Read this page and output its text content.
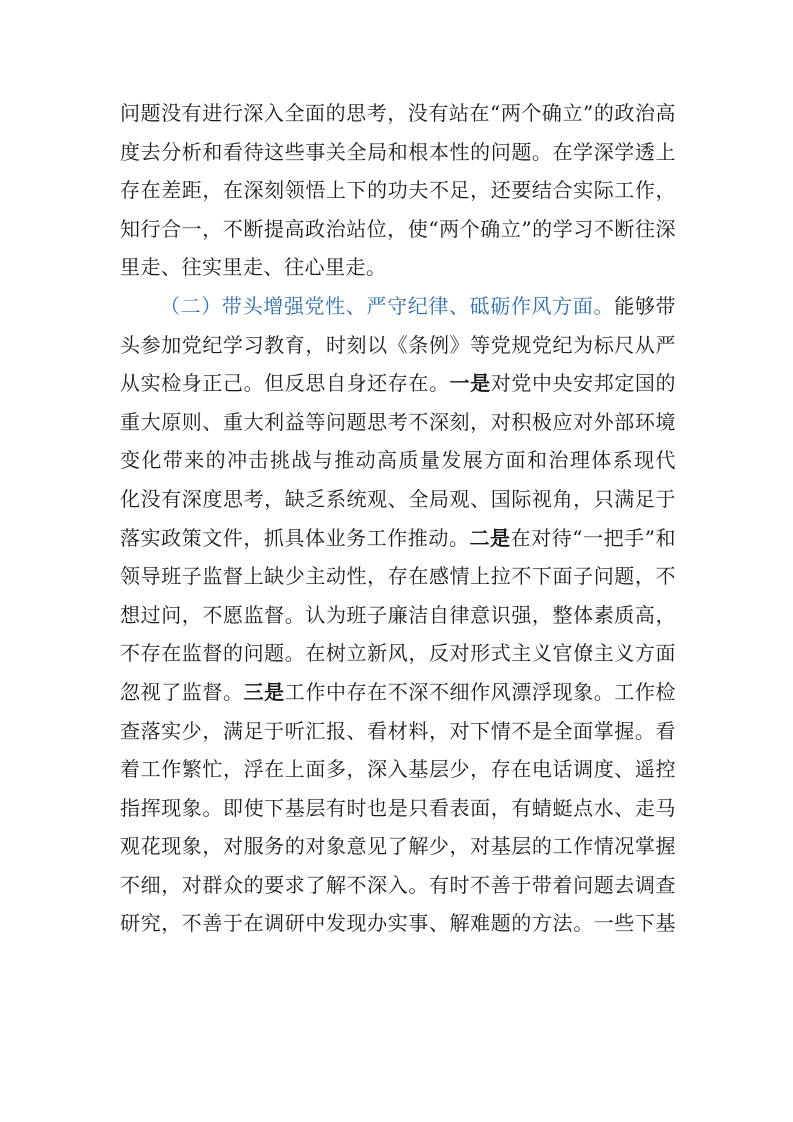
问题没有进行深入全面的思考，没有站在“两个确立”的政治高
度去分析和看待这些事关全局和根本性的问题。在学深学透上
存在差距，在深刻领悟上下的功夫不足，还要结合实际工作，
知行合一，不断提高政治站位，使“两个确立”的学习不断往深
里走、往实里走、往心里走。
（二）带头增强党性、严守纪律、砥砺作风方面。能够带
头参加党纪学习教育，时刻以《条例》等党规党纪为标尺从严
从实检身正己。但反思自身还存在。一是对党中央安邦定国的
重大原则、重大利益等问题思考不深刻，对积极应对外部环境
变化带来的冲击挑战与推动高质量发展方面和治理体系现代
化没有深度思考，缺乏系统观、全局观、国际视角，只满足于
落实政策文件，抓具体业务工作推动。二是在对待“一把手”和
领导班子监督上缺少主动性，存在感情上拉不下面子问题，不
想过问，不愿监督。认为班子廉洁自律意识强，整体素质高，
不存在监督的问题。在树立新风，反对形式主义官僚主义方面
忽视了监督。三是工作中存在不深不细作风漂浮现象。工作检
查落实少，满足于听汇报、看材料，对下情不是全面掌握。看
着工作繁忙，浮在上面多，深入基层少，存在电话调度、遥控
指挥现象。即使下基层有时也是只看表面，有蜻蜓点水、走马
观花现象，对服务的对象意见了解少，对基层的工作情况掌握
不细，对群众的要求了解不深入。有时不善于带着问题去调查
研究，不善于在调研中发现办实事、解难题的方法。一些下基
